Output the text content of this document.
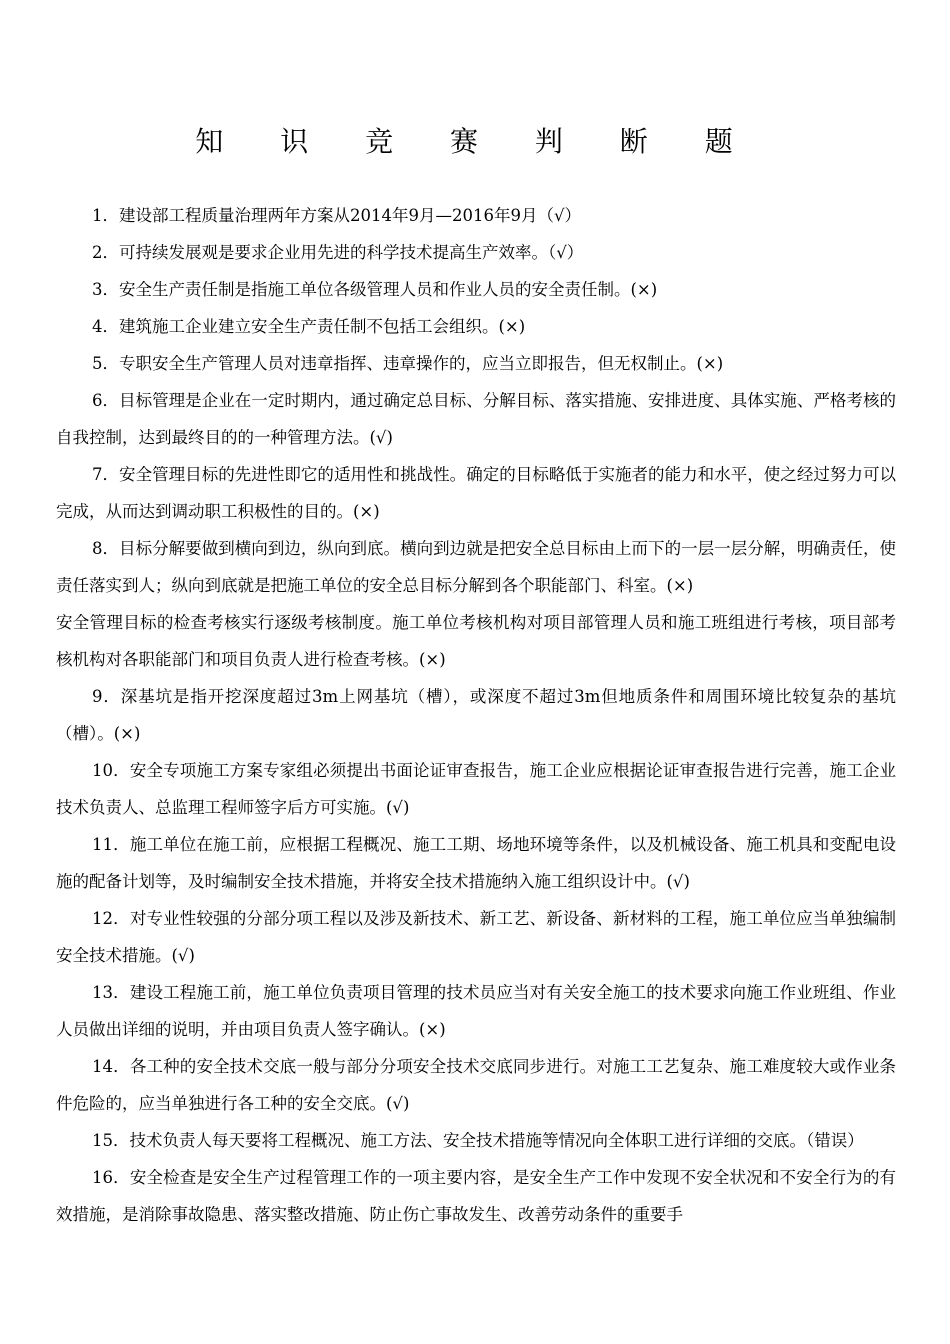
知 识 竞 赛 判 断 题

1．建设部工程质量治理两年方案从2014年9月—2016年9月（√）

2．可持续发展观是要求企业用先进的科学技术提高生产效率。（√）

3．安全生产责任制是指施工单位各级管理人员和作业人员的安全责任制。(×)

4．建筑施工企业建立安全生产责任制不包括工会组织。(×)

5．专职安全生产管理人员对违章指挥、违章操作的，应当立即报告，但无权制止。(×)

6．目标管理是企业在一定时期内，通过确定总目标、分解目标、落实措施、安排进度、具体实施、严格考核的自我控制，达到最终目的的一种管理方法。(√)

7．安全管理目标的先进性即它的适用性和挑战性。确定的目标略低于实施者的能力和水平，使之经过努力可以完成，从而达到调动职工积极性的目的。(×)

8．目标分解要做到横向到边，纵向到底。横向到边就是把安全总目标由上而下的一层一层分解，明确责任，使责任落实到人；纵向到底就是把施工单位的安全总目标分解到各个职能部门、科室。(×)

安全管理目标的检查考核实行逐级考核制度。施工单位考核机构对项目部管理人员和施工班组进行考核，项目部考核机构对各职能部门和项目负责人进行检查考核。(×)

9．深基坑是指开挖深度超过3m上网基坑（槽），或深度不超过3m但地质条件和周围环境比较复杂的基坑（槽）。(×)

10．安全专项施工方案专家组必须提出书面论证审查报告，施工企业应根据论证审查报告进行完善，施工企业技术负责人、总监理工程师签字后方可实施。(√)

11．施工单位在施工前，应根据工程概况、施工工期、场地环境等条件，以及机械设备、施工机具和变配电设施的配备计划等，及时编制安全技术措施，并将安全技术措施纳入施工组织设计中。(√)

12．对专业性较强的分部分项工程以及涉及新技术、新工艺、新设备、新材料的工程，施工单位应当单独编制安全技术措施。(√)

13．建设工程施工前，施工单位负责项目管理的技术员应当对有关安全施工的技术要求向施工作业班组、作业人员做出详细的说明，并由项目负责人签字确认。(×)

14．各工种的安全技术交底一般与部分分项安全技术交底同步进行。对施工工艺复杂、施工难度较大或作业条件危险的，应当单独进行各工种的安全交底。(√)

15．技术负责人每天要将工程概况、施工方法、安全技术措施等情况向全体职工进行详细的交底。（错误）

16．安全检查是安全生产过程管理工作的一项主要内容，是安全生产工作中发现不安全状况和不安全行为的有效措施，是消除事故隐患、落实整改措施、防止伤亡事故发生、改善劳动条件的重要手
